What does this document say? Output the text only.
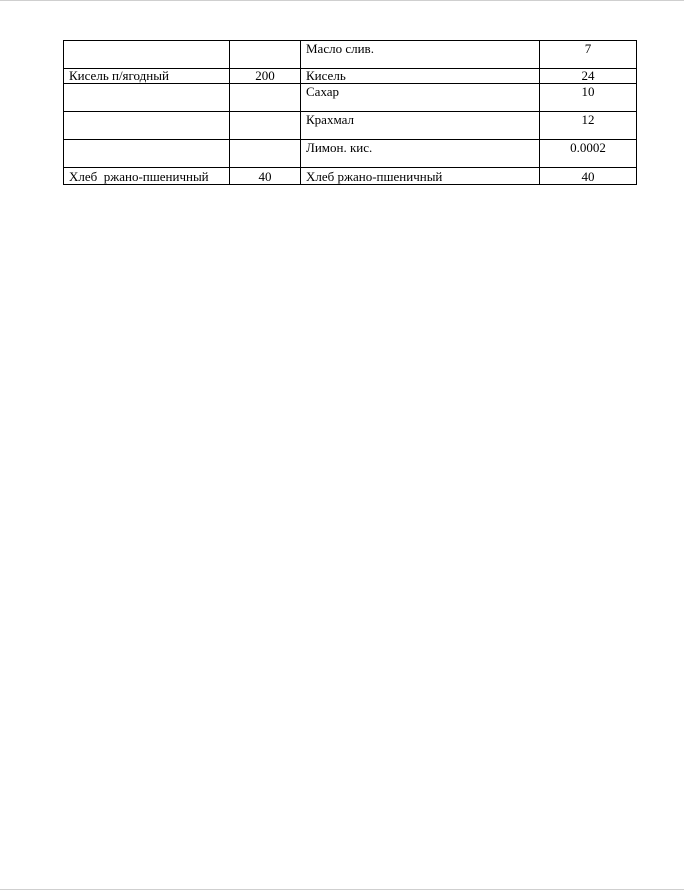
		Масло слив.	7
Кисель п/ягодный	200	Кисель	24
		Сахар	10
		Крахмал	12
		Лимон. кис.	0.0002
Хлеб  ржано-пшеничный	40	Хлеб ржано-пшеничный	40
